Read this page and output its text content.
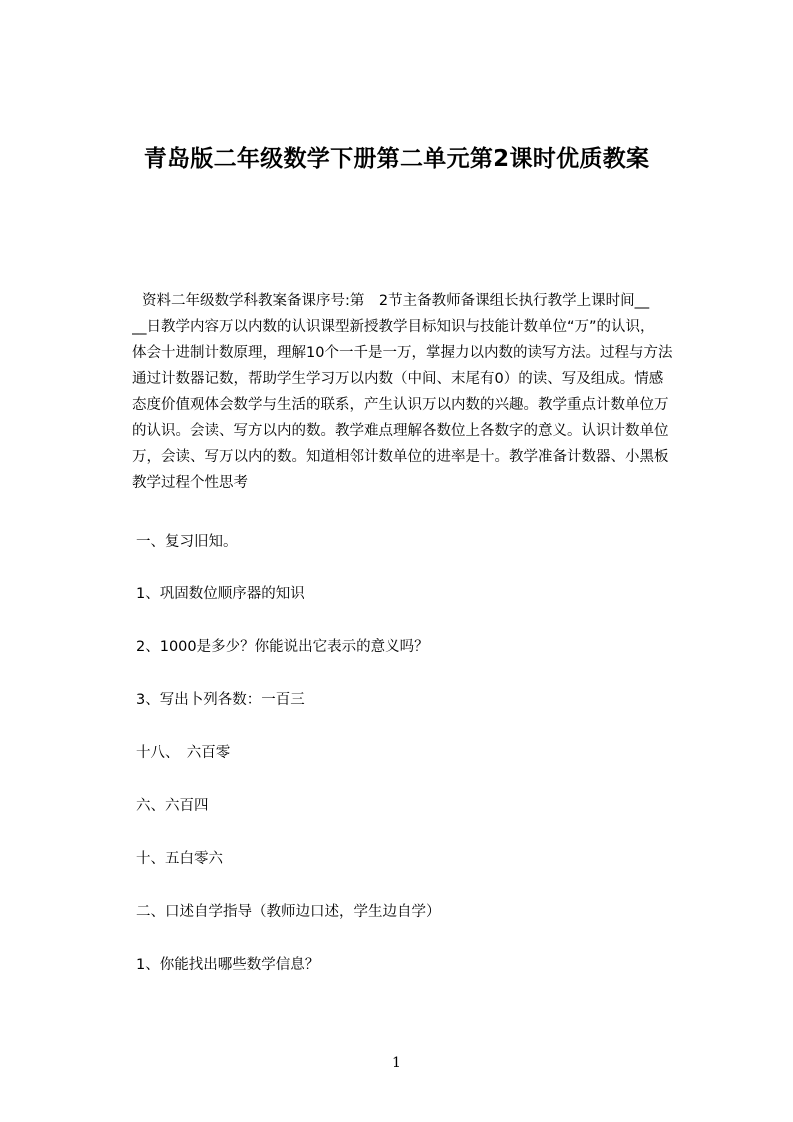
青岛版二年级数学下册第二单元第2课时优质教案
资料二年级数学科教案备课序号:第　2节主备教师备课组长执行教学上课时间__
__日教学内容万以内数的认识课型新授教学目标知识与技能计数单位“万”的认识，
体会十进制计数原理，理解10个一千是一万，掌握力以内数的读写方法。过程与方法
通过计数器记数，帮助学生学习万以内数（中间、末尾有0）的读、写及组成。情感
态度价值观体会数学与生活的联系，产生认识万以内数的兴趣。教学重点计数单位万
的认识。会读、写方以内的数。教学难点理解各数位上各数字的意义。认识计数单位
万，会读、写万以内的数。知道相邻计数单位的进率是十。教学准备计数器、小黑板
教学过程个性思考

一、复习旧知。

1、巩固数位顺序器的知识

2、1000是多少？你能说出它表示的意义吗？

3、写出卜列各数：一百三

十八、　六百零

六、六百四

十、五白零六

二、口述自学指导（教师边口述，学生边自学）

1、你能找出哪些数学信息？

1
